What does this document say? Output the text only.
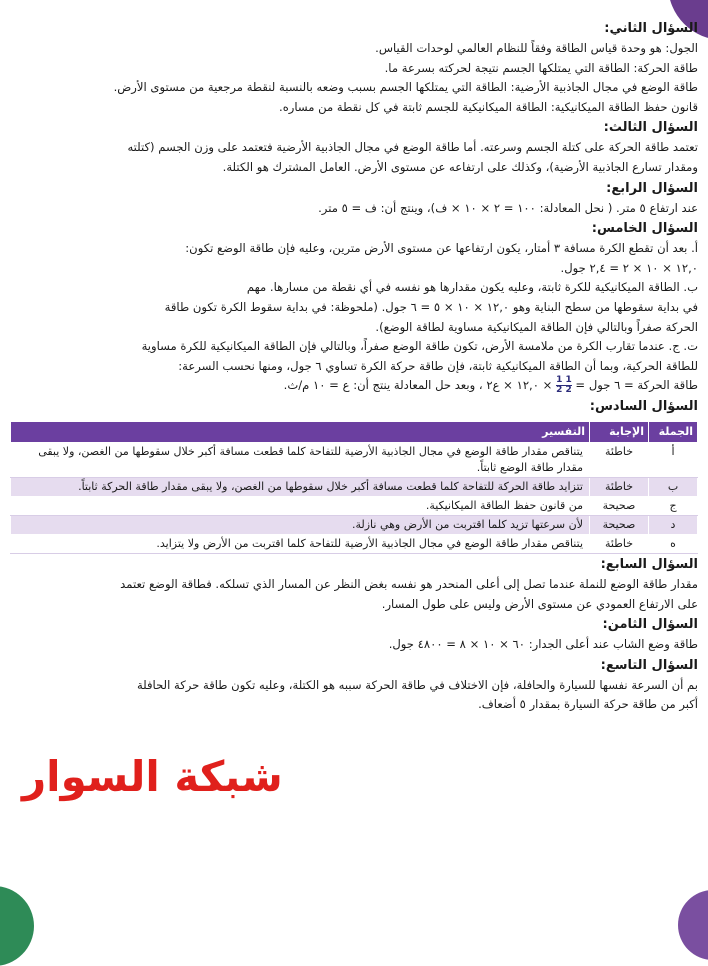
السؤال الثاني:

الجول: هو وحدة قياس الطاقة وفقاً للنظام العالمي لوحدات القياس.

طاقة الحركة: الطاقة التي يمتلكها الجسم نتيجة لحركته بسرعة ما.

طاقة الوضع في مجال الجاذبية الأرضية: الطاقة التي يمتلكها الجسم بسبب وضعه بالنسبة لنقطة مرجعية من مستوى الأرض.

قانون حفظ الطاقة الميكانيكية: الطاقة الميكانيكية للجسم ثابتة في كل نقطة من مساره.

السؤال الثالث:

تعتمد طاقة الحركة على كتلة الجسم وسرعته. أما طاقة الوضع في مجال الجاذبية الأرضية فتعتمد على وزن الجسم (كتلته

ومقدار تسارع الجاذبية الأرضية)، وكذلك على ارتفاعه عن مستوى الأرض. العامل المشترك هو الكتلة.

السؤال الرابع:

عند ارتفاع ٥ متر. ( نحل المعادلة: ١٠٠ = ٢ × ١٠ × ف)، وينتج أن: ف = ٥ متر.

السؤال الخامس:

أ. بعد أن تقطع الكرة مسافة ٣ أمتار، يكون ارتفاعها عن مستوى الأرض مترين، وعليه فإن طاقة الوضع تكون:

١٢,٠ × ١٠ × ٢ = ٢,٤ جول.

ب. الطاقة الميكانيكية للكرة ثابتة، وعليه يكون مقدارها هو نفسه في أي نقطة من مسارها. مهم

في بداية سقوطها من سطح البناية وهو ١٢,٠ × ١٠ × ٥ = ٦ جول. (ملحوظة: في بداية سقوط الكرة تكون طاقة

الحركة صفراً وبالتالي فإن الطاقة الميكانيكية مساوية لطاقة الوضع).

ت. ج. عندما تقارب الكرة من ملامسة الأرض، تكون طاقة الوضع صفراً، وبالتالي فإن الطاقة الميكانيكية للكرة مساوية

للطاقة الحركية، وبما أن الطاقة الميكانيكية ثابتة، فإن طاقة حركة الكرة تساوي ٦ جول، ومنها نحسب السرعة:

طاقة الحركة = ٦ جول =
$\frac{1 1}{2 2}$
× ١٢,٠ × ع٢ ، وبعد حل المعادلة ينتج أن: ع = ١٠ م/ث.

السؤال السادس:
الجملة	الإجابة	التفسير
أ	خاطئة	يتناقص مقدار طاقة الوضع في مجال الجاذبية الأرضية للتفاحة كلما قطعت مسافة أكبر خلال سقوطها من الغصن، ولا يبقى مقدار طاقة الوضع ثابتاً.
ب	خاطئة	تتزايد طاقة الحركة للتفاحة كلما قطعت مسافة أكبر خلال سقوطها من الغصن، ولا يبقى مقدار طاقة الحركة ثابتاً.
ج	صحيحة	من قانون حفظ الطاقة الميكانيكية.
د	صحيحة	لأن سرعتها تزيد كلما اقتربت من الأرض وهي نازلة.
ه	خاطئة	يتناقص مقدار طاقة الوضع في مجال الجاذبية الأرضية للتفاحة كلما اقتربت من الأرض ولا يتزايد.
السؤال السابع:

مقدار طاقة الوضع للنملة عندما تصل إلى أعلى المنحدر هو نفسه بغض النظر عن المسار الذي تسلكه. فطاقة الوضع تعتمد

على الارتفاع العمودي عن مستوى الأرض وليس على طول المسار.

السؤال الثامن:

طاقة وضع الشاب عند أعلى الجدار: ٦٠ × ١٠ × ٨ = ٤٨٠٠ جول.

السؤال التاسع:

بم أن السرعة نفسها للسيارة والحافلة، فإن الاختلاف في طاقة الحركة سببه هو الكتلة، وعليه تكون طاقة حركة الحافلة

أكبر من طاقة حركة السيارة بمقدار ٥ أضعاف.

شبكة السوار
